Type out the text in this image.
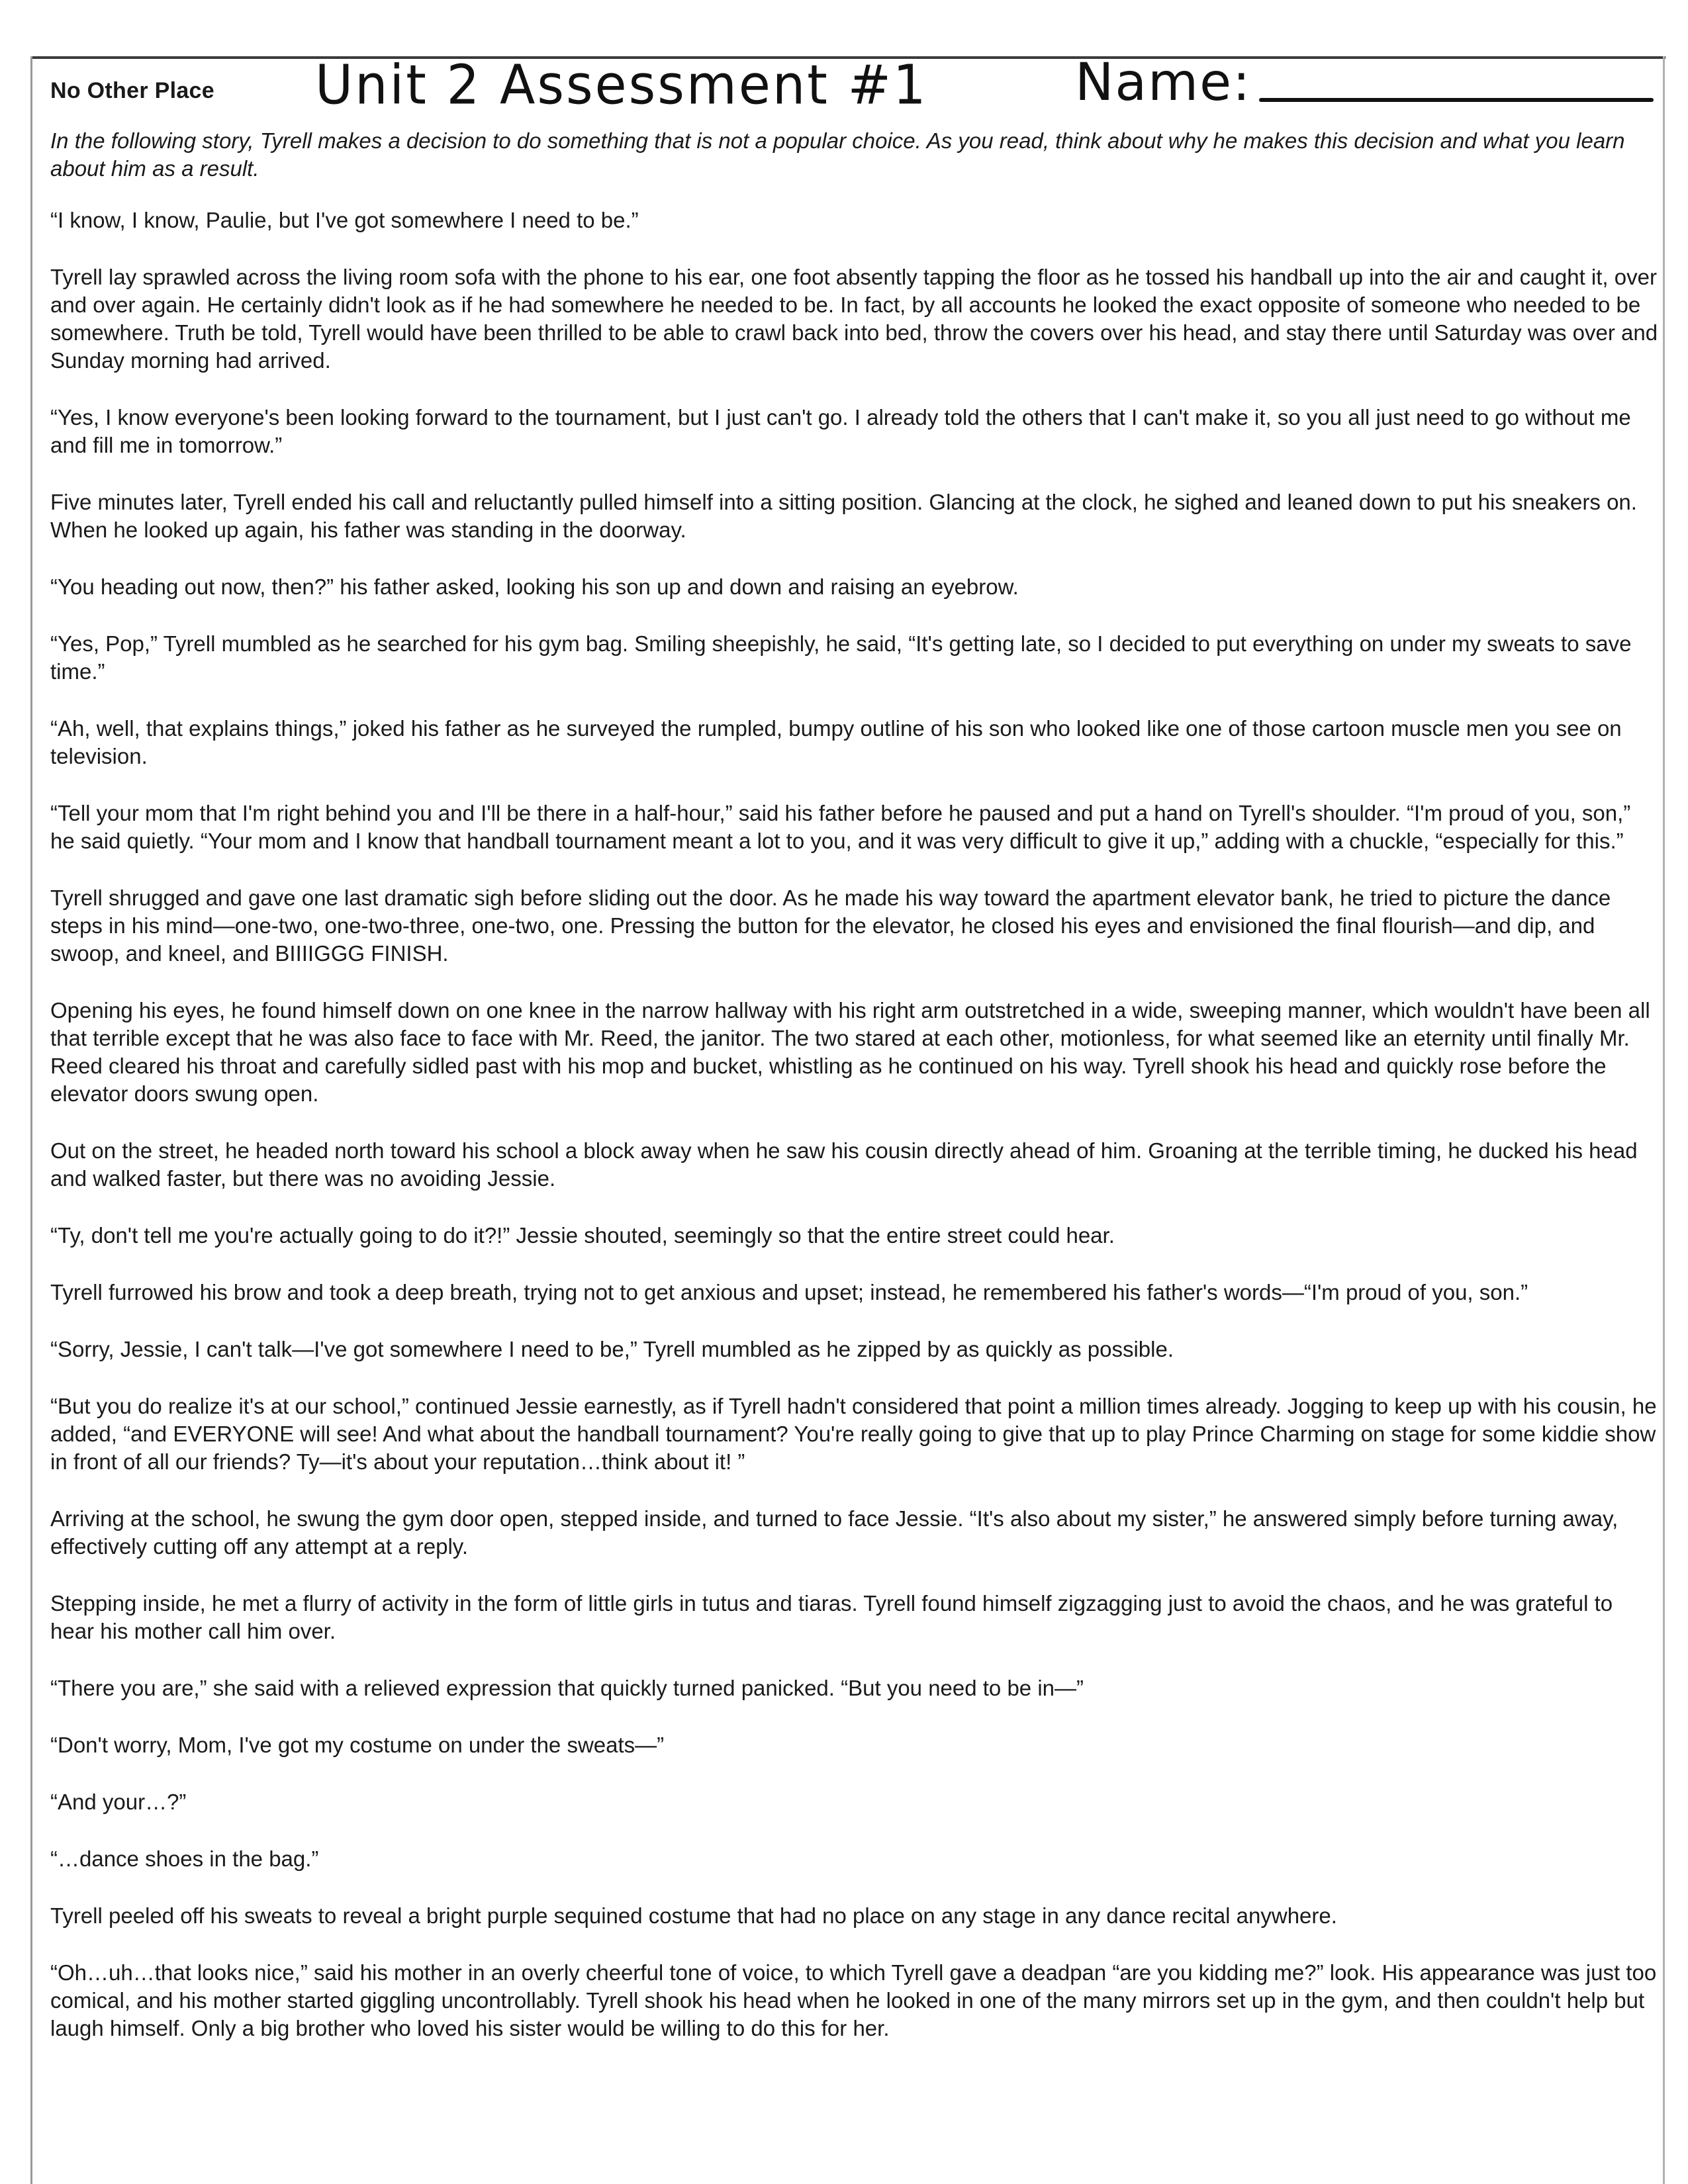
No Other Place Unit 2 Assessment #1	Name:

In the following story, Tyrell makes a decision to do something that is not a popular choice. As you read, think about why he makes this decision and what you learn about him as a result.

“I know, I know, Paulie, but I've got somewhere I need to be.”

Tyrell lay sprawled across the living room sofa with the phone to his ear, one foot absently tapping the floor as he tossed his handball up into the air and caught it, over and over again. He certainly didn't look as if he had somewhere he needed to be. In fact, by all accounts he looked the exact opposite of someone who needed to be somewhere. Truth be told, Tyrell would have been thrilled to be able to crawl back into bed, throw the covers over his head, and stay there until Saturday was over and Sunday morning had arrived.

“Yes, I know everyone's been looking forward to the tournament, but I just can't go. I already told the others that I can't make it, so you all just need to go without me and fill me in tomorrow.”

Five minutes later, Tyrell ended his call and reluctantly pulled himself into a sitting position. Glancing at the clock, he sighed and leaned down to put his sneakers on. When he looked up again, his father was standing in the doorway.

“You heading out now, then?” his father asked, looking his son up and down and raising an eyebrow.

“Yes, Pop,” Tyrell mumbled as he searched for his gym bag. Smiling sheepishly, he said, “It's getting late, so I decided to put everything on under my sweats to save time.”

“Ah, well, that explains things,” joked his father as he surveyed the rumpled, bumpy outline of his son who looked like one of those cartoon muscle men you see on television.

“Tell your mom that I'm right behind you and I'll be there in a half-hour,” said his father before he paused and put a hand on Tyrell's shoulder. “I'm proud of you, son,” he said quietly. “Your mom and I know that handball tournament meant a lot to you, and it was very difficult to give it up,” adding with a chuckle, “especially for this.”

Tyrell shrugged and gave one last dramatic sigh before sliding out the door. As he made his way toward the apartment elevator bank, he tried to picture the dance steps in his mind—one-two, one-two-three, one-two, one. Pressing the button for the elevator, he closed his eyes and envisioned the final flourish—and dip, and swoop, and kneel, and BIIIIGGG FINISH.

Opening his eyes, he found himself down on one knee in the narrow hallway with his right arm outstretched in a wide, sweeping manner, which wouldn't have been all that terrible except that he was also face to face with Mr. Reed, the janitor. The two stared at each other, motionless, for what seemed like an eternity until finally Mr. Reed cleared his throat and carefully sidled past with his mop and bucket, whistling as he continued on his way. Tyrell shook his head and quickly rose before the elevator doors swung open.

Out on the street, he headed north toward his school a block away when he saw his cousin directly ahead of him. Groaning at the terrible timing, he ducked his head and walked faster, but there was no avoiding Jessie.

“Ty, don't tell me you're actually going to do it?!” Jessie shouted, seemingly so that the entire street could hear.

Tyrell furrowed his brow and took a deep breath, trying not to get anxious and upset; instead, he remembered his father's words—“I'm proud of you, son.”

“Sorry, Jessie, I can't talk—I've got somewhere I need to be,” Tyrell mumbled as he zipped by as quickly as possible.

“But you do realize it's at our school,” continued Jessie earnestly, as if Tyrell hadn't considered that point a million times already. Jogging to keep up with his cousin, he added, “and EVERYONE will see! And what about the handball tournament? You're really going to give that up to play Prince Charming on stage for some kiddie show in front of all our friends? Ty—it's about your reputation…think about it! ”

Arriving at the school, he swung the gym door open, stepped inside, and turned to face Jessie. “It's also about my sister,” he answered simply before turning away, effectively cutting off any attempt at a reply.

Stepping inside, he met a flurry of activity in the form of little girls in tutus and tiaras. Tyrell found himself zigzagging just to avoid the chaos, and he was grateful to hear his mother call him over.

“There you are,” she said with a relieved expression that quickly turned panicked. “But you need to be in—”

“Don't worry, Mom, I've got my costume on under the sweats—”

“And your…?”

“…dance shoes in the bag.”

Tyrell peeled off his sweats to reveal a bright purple sequined costume that had no place on any stage in any dance recital anywhere.

“Oh…uh…that looks nice,” said his mother in an overly cheerful tone of voice, to which Tyrell gave a deadpan “are you kidding me?” look. His appearance was just too comical, and his mother started giggling uncontrollably. Tyrell shook his head when he looked in one of the many mirrors set up in the gym, and then couldn't help but laugh himself. Only a big brother who loved his sister would be willing to do this for her.
